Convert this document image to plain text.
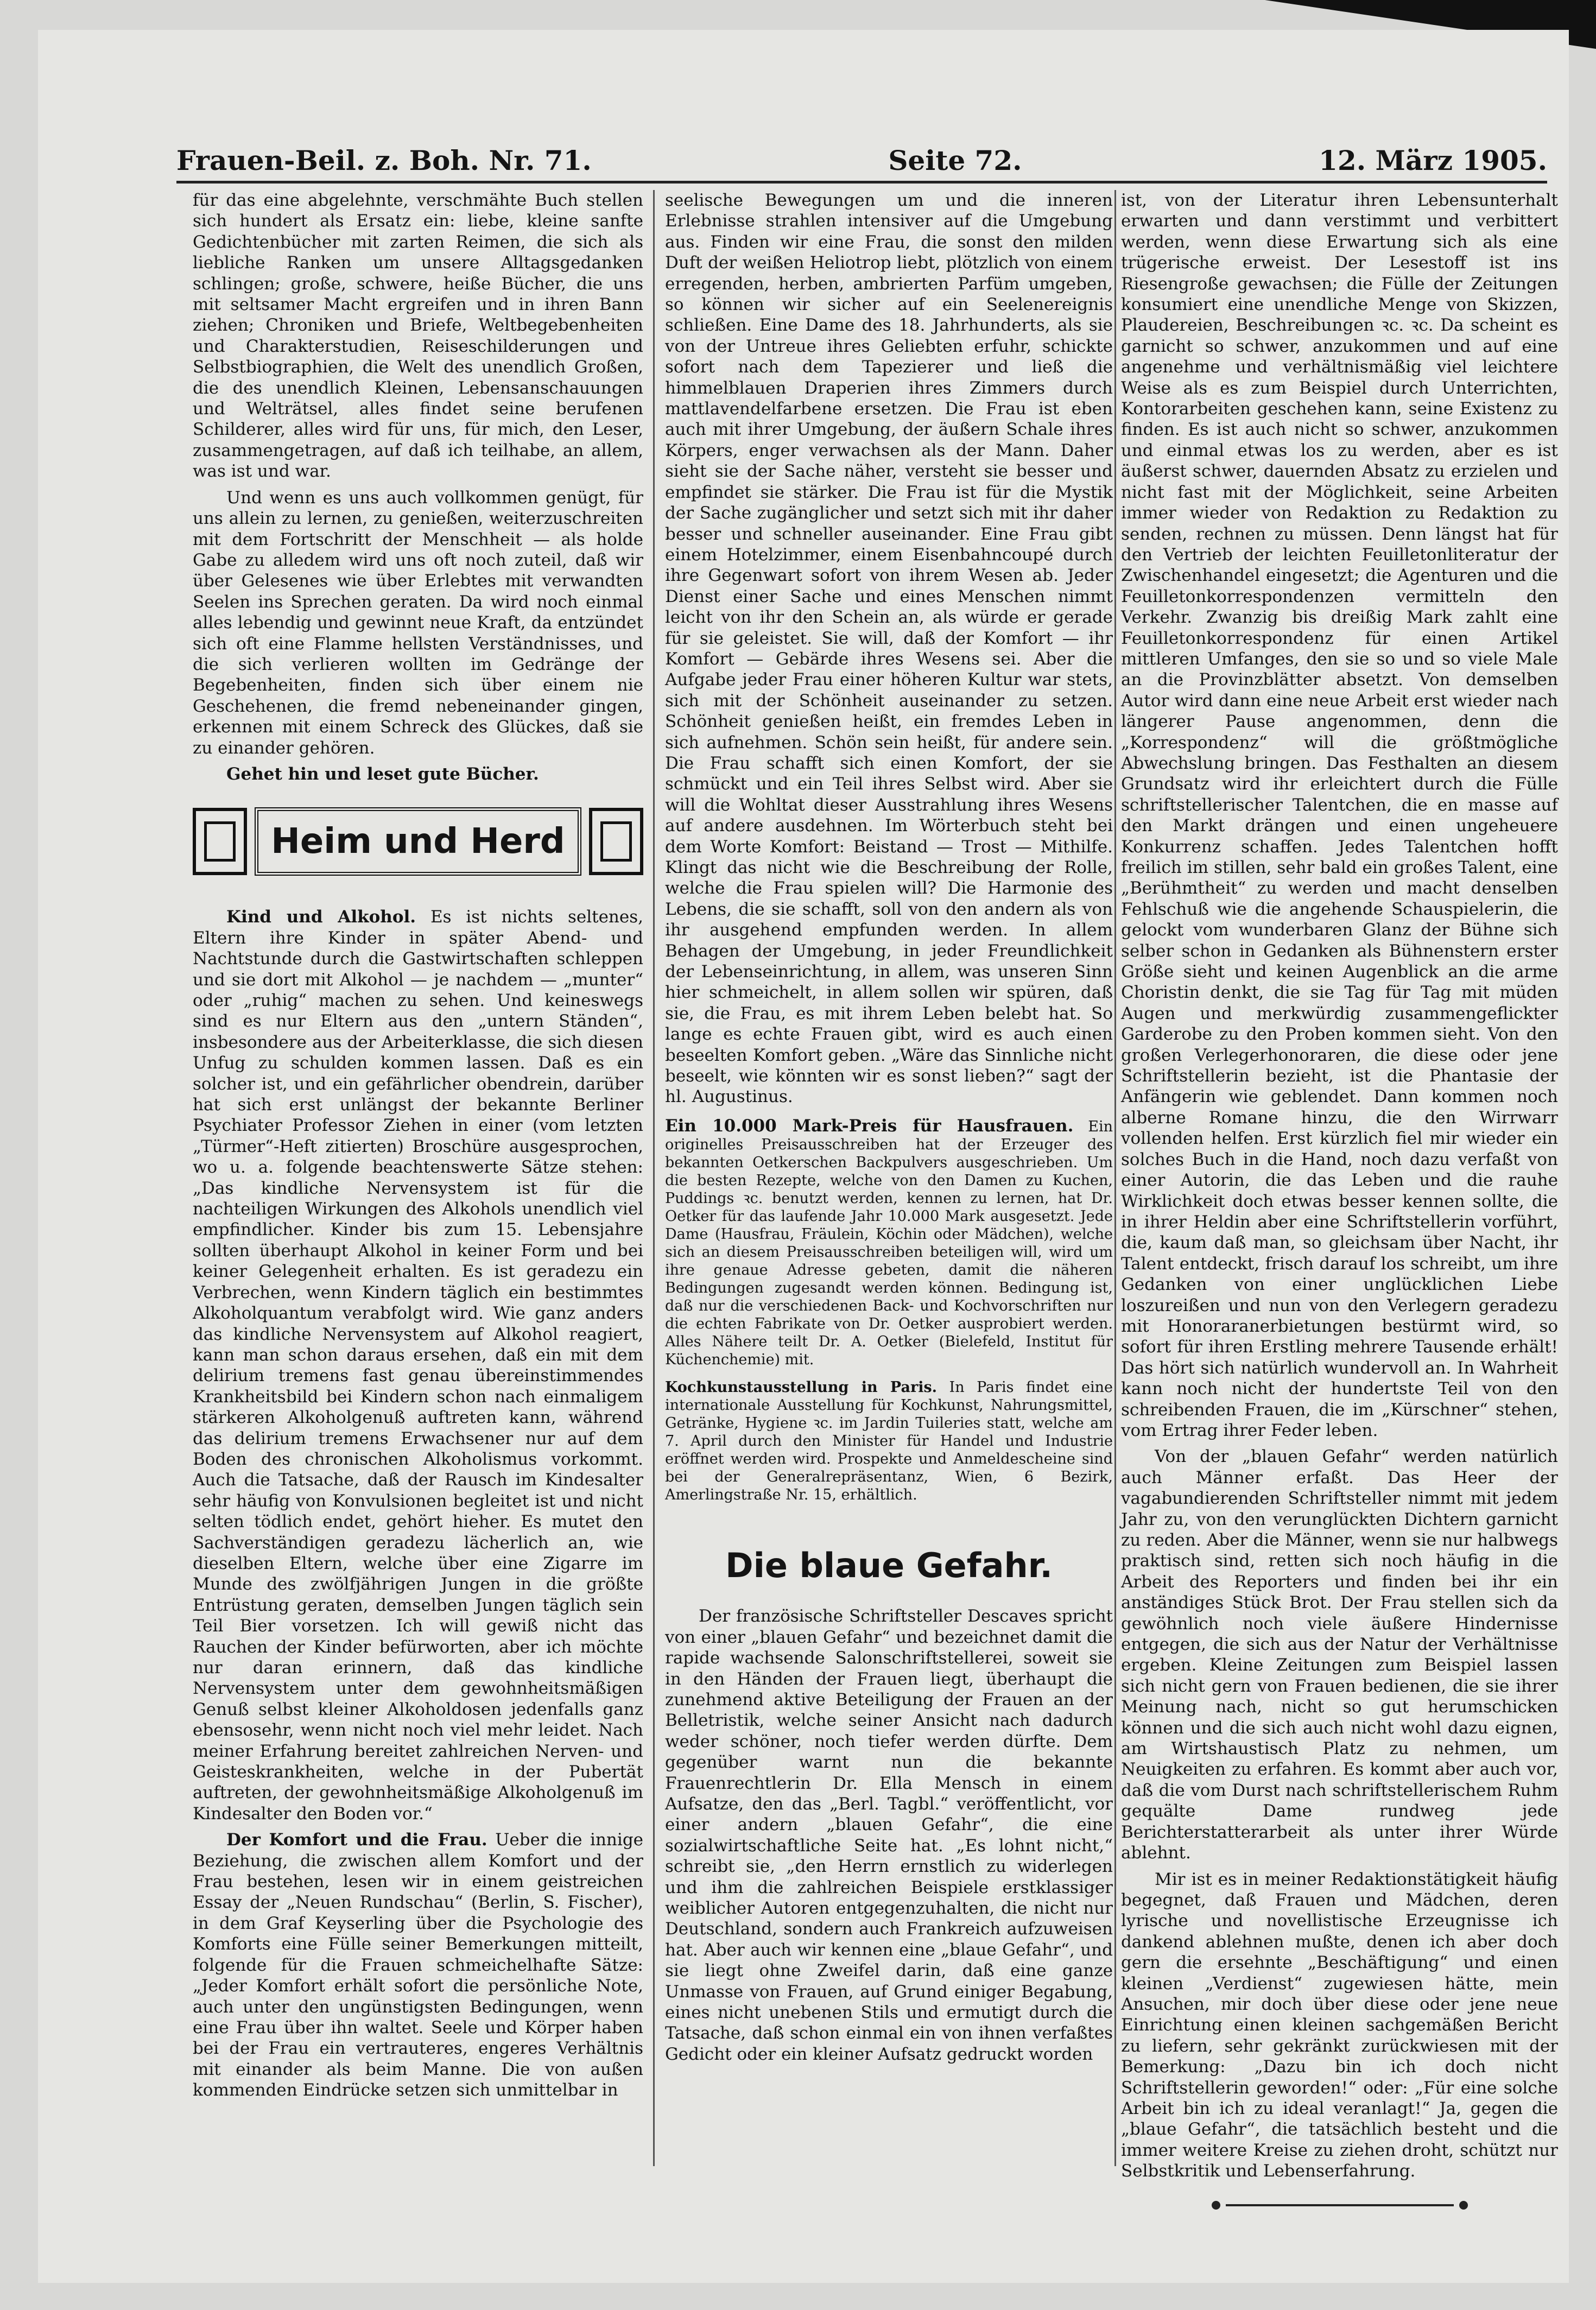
Frauen-Beil. z. Boh. Nr. 71.	Seite 72.	12. März 1905.

für das eine abgelehnte, verschmähte Buch stellen sich hundert als Ersatz ein: liebe, kleine sanfte Gedichtenbücher mit zarten Reimen, die sich als liebliche Ranken um unsere Alltagsgedanken schlingen; große, schwere, heiße Bücher, die uns mit seltsamer Macht ergreifen und in ihren Bann ziehen; Chroniken und Briefe, Weltbegebenheiten und Charakterstudien, Reiseschilderungen und Selbstbiographien, die Welt des unendlich Großen, die des unendlich Kleinen, Lebensanschauungen und Welträtsel, alles findet seine berufenen Schilderer, alles wird für uns, für mich, den Leser, zusammengetragen, auf daß ich teilhabe, an allem, was ist und war.

Und wenn es uns auch vollkommen genügt, für uns allein zu lernen, zu genießen, weiterzuschreiten mit dem Fortschritt der Menschheit — als holde Gabe zu alledem wird uns oft noch zuteil, daß wir über Gelesenes wie über Erlebtes mit verwandten Seelen ins Sprechen geraten. Da wird noch einmal alles lebendig und gewinnt neue Kraft, da entzündet sich oft eine Flamme hellsten Verständnisses, und die sich verlieren wollten im Gedränge der Begebenheiten, finden sich über einem nie Geschehenen, die fremd nebeneinander gingen, erkennen mit einem Schreck des Glückes, daß sie zu einander gehören.

Gehet hin und leset gute Bücher.

Heim und Herd

Kind und Alkohol. Es ist nichts seltenes, Eltern ihre Kinder in später Abend- und Nachtstunde durch die Gastwirtschaften schleppen und sie dort mit Alkohol — je nachdem — „munter“ oder „ruhig“ machen zu sehen. Und keineswegs sind es nur Eltern aus den „untern Ständen“, insbesondere aus der Arbeiterklasse, die sich diesen Unfug zu schulden kommen lassen. Daß es ein solcher ist, und ein gefährlicher obendrein, darüber hat sich erst unlängst der bekannte Berliner Psychiater Professor Ziehen in einer (vom letzten „Türmer“-Heft zitierten) Broschüre ausgesprochen, wo u. a. folgende beachtenswerte Sätze stehen: „Das kindliche Nervensystem ist für die nachteiligen Wirkungen des Alkohols unendlich viel empfindlicher. Kinder bis zum 15. Lebensjahre sollten überhaupt Alkohol in keiner Form und bei keiner Gelegenheit erhalten. Es ist geradezu ein Verbrechen, wenn Kindern täglich ein bestimmtes Alkoholquantum verabfolgt wird. Wie ganz anders das kindliche Nervensystem auf Alkohol reagiert, kann man schon daraus ersehen, daß ein mit dem delirium tremens fast genau übereinstimmendes Krankheitsbild bei Kindern schon nach einmaligem stärkeren Alkoholgenuß auftreten kann, während das delirium tremens Erwachsener nur auf dem Boden des chronischen Alkoholismus vorkommt. Auch die Tatsache, daß der Rausch im Kindesalter sehr häufig von Konvulsionen begleitet ist und nicht selten tödlich endet, gehört hieher. Es mutet den Sachverständigen geradezu lächerlich an, wie dieselben Eltern, welche über eine Zigarre im Munde des zwölfjährigen Jungen in die größte Entrüstung geraten, demselben Jungen täglich sein Teil Bier vorsetzen. Ich will gewiß nicht das Rauchen der Kinder befürworten, aber ich möchte nur daran erinnern, daß das kindliche Nervensystem unter dem gewohnheitsmäßigen Genuß selbst kleiner Alkoholdosen jedenfalls ganz ebensosehr, wenn nicht noch viel mehr leidet. Nach meiner Erfahrung bereitet zahlreichen Nerven- und Geisteskrankheiten, welche in der Pubertät auftreten, der gewohnheitsmäßige Alkoholgenuß im Kindesalter den Boden vor.“

Der Komfort und die Frau. Ueber die innige Beziehung, die zwischen allem Komfort und der Frau bestehen, lesen wir in einem geistreichen Essay der „Neuen Rundschau“ (Berlin, S. Fischer), in dem Graf Keyserling über die Psychologie des Komforts eine Fülle seiner Bemerkungen mitteilt, folgende für die Frauen schmeichelhafte Sätze: „Jeder Komfort erhält sofort die persönliche Note, auch unter den ungünstigsten Bedingungen, wenn eine Frau über ihn waltet. Seele und Körper haben bei der Frau ein vertrauteres, engeres Verhältnis mit einander als beim Manne. Die von außen kommenden Eindrücke setzen sich unmittelbar in

seelische Bewegungen um und die inneren Erlebnisse strahlen intensiver auf die Umgebung aus. Finden wir eine Frau, die sonst den milden Duft der weißen Heliotrop liebt, plötzlich von einem erregenden, herben, ambrierten Parfüm umgeben, so können wir sicher auf ein Seelenereignis schließen. Eine Dame des 18. Jahrhunderts, als sie von der Untreue ihres Geliebten erfuhr, schickte sofort nach dem Tapezierer und ließ die himmelblauen Draperien ihres Zimmers durch mattlavendelfarbene ersetzen. Die Frau ist eben auch mit ihrer Umgebung, der äußern Schale ihres Körpers, enger verwachsen als der Mann. Daher sieht sie der Sache näher, versteht sie besser und empfindet sie stärker. Die Frau ist für die Mystik der Sache zugänglicher und setzt sich mit ihr daher besser und schneller auseinander. Eine Frau gibt einem Hotelzimmer, einem Eisenbahncoupé durch ihre Gegenwart sofort von ihrem Wesen ab. Jeder Dienst einer Sache und eines Menschen nimmt leicht von ihr den Schein an, als würde er gerade für sie geleistet. Sie will, daß der Komfort — ihr Komfort — Gebärde ihres Wesens sei. Aber die Aufgabe jeder Frau einer höheren Kultur war stets, sich mit der Schönheit auseinander zu setzen. Schönheit genießen heißt, ein fremdes Leben in sich aufnehmen. Schön sein heißt, für andere sein. Die Frau schafft sich einen Komfort, der sie schmückt und ein Teil ihres Selbst wird. Aber sie will die Wohltat dieser Ausstrahlung ihres Wesens auf andere ausdehnen. Im Wörterbuch steht bei dem Worte Komfort: Beistand — Trost — Mithilfe. Klingt das nicht wie die Beschreibung der Rolle, welche die Frau spielen will? Die Harmonie des Lebens, die sie schafft, soll von den andern als von ihr ausgehend empfunden werden. In allem Behagen der Umgebung, in jeder Freundlichkeit der Lebenseinrichtung, in allem, was unseren Sinn hier schmeichelt, in allem sollen wir spüren, daß sie, die Frau, es mit ihrem Leben belebt hat. So lange es echte Frauen gibt, wird es auch einen beseelten Komfort geben. „Wäre das Sinnliche nicht beseelt, wie könnten wir es sonst lieben?“ sagt der hl. Augustinus.

Ein 10.000 Mark-Preis für Hausfrauen. Ein originelles Preisausschreiben hat der Erzeuger des bekannten Oetkerschen Backpulvers ausgeschrieben. Um die besten Rezepte, welche von den Damen zu Kuchen, Puddings ꝛc. benutzt werden, kennen zu lernen, hat Dr. Oetker für das laufende Jahr 10.000 Mark ausgesetzt. Jede Dame (Hausfrau, Fräulein, Köchin oder Mädchen), welche sich an diesem Preisausschreiben beteiligen will, wird um ihre genaue Adresse gebeten, damit die näheren Bedingungen zugesandt werden können. Bedingung ist, daß nur die verschiedenen Back- und Kochvorschriften nur die echten Fabrikate von Dr. Oetker ausprobiert werden. Alles Nähere teilt Dr. A. Oetker (Bielefeld, Institut für Küchenchemie) mit.

Kochkunstausstellung in Paris. In Paris findet eine internationale Ausstellung für Kochkunst, Nahrungsmittel, Getränke, Hygiene ꝛc. im Jardin Tuileries statt, welche am 7. April durch den Minister für Handel und Industrie eröffnet werden wird. Prospekte und Anmeldescheine sind bei der Generalrepräsentanz, Wien, 6 Bezirk, Amerlingstraße Nr. 15, erhältlich.

Die blaue Gefahr.

Der französische Schriftsteller Descaves spricht von einer „blauen Gefahr“ und bezeichnet damit die rapide wachsende Salonschriftstellerei, soweit sie in den Händen der Frauen liegt, überhaupt die zunehmend aktive Beteiligung der Frauen an der Belletristik, welche seiner Ansicht nach dadurch weder schöner, noch tiefer werden dürfte. Dem gegenüber warnt nun die bekannte Frauenrechtlerin Dr. Ella Mensch in einem Aufsatze, den das „Berl. Tagbl.“ veröffentlicht, vor einer andern „blauen Gefahr“, die eine sozialwirtschaftliche Seite hat. „Es lohnt nicht,“ schreibt sie, „den Herrn ernstlich zu widerlegen und ihm die zahlreichen Beispiele erstklassiger weiblicher Autoren entgegenzuhalten, die nicht nur Deutschland, sondern auch Frankreich aufzuweisen hat. Aber auch wir kennen eine „blaue Gefahr“, und sie liegt ohne Zweifel darin, daß eine ganze Unmasse von Frauen, auf Grund einiger Begabung, eines nicht unebenen Stils und ermutigt durch die Tatsache, daß schon einmal ein von ihnen verfaßtes Gedicht oder ein kleiner Aufsatz gedruckt worden

ist, von der Literatur ihren Lebensunterhalt erwarten und dann verstimmt und verbittert werden, wenn diese Erwartung sich als eine trügerische erweist. Der Lesestoff ist ins Riesengroße gewachsen; die Fülle der Zeitungen konsumiert eine unendliche Menge von Skizzen, Plaudereien, Beschreibungen ꝛc. ꝛc. Da scheint es garnicht so schwer, anzukommen und auf eine angenehme und verhältnismäßig viel leichtere Weise als es zum Beispiel durch Unterrichten, Kontorarbeiten geschehen kann, seine Existenz zu finden. Es ist auch nicht so schwer, anzukommen und einmal etwas los zu werden, aber es ist äußerst schwer, dauernden Absatz zu erzielen und nicht fast mit der Möglichkeit, seine Arbeiten immer wieder von Redaktion zu Redaktion zu senden, rechnen zu müssen. Denn längst hat für den Vertrieb der leichten Feuilletonliteratur der Zwischenhandel eingesetzt; die Agenturen und die Feuilletonkorrespondenzen vermitteln den Verkehr. Zwanzig bis dreißig Mark zahlt eine Feuilletonkorrespondenz für einen Artikel mittleren Umfanges, den sie so und so viele Male an die Provinzblätter absetzt. Von demselben Autor wird dann eine neue Arbeit erst wieder nach längerer Pause angenommen, denn die „Korrespondenz“ will die größtmögliche Abwechslung bringen. Das Festhalten an diesem Grundsatz wird ihr erleichtert durch die Fülle schriftstellerischer Talentchen, die en masse auf den Markt drängen und einen ungeheuere Konkurrenz schaffen. Jedes Talentchen hofft freilich im stillen, sehr bald ein großes Talent, eine „Berühmtheit“ zu werden und macht denselben Fehlschuß wie die angehende Schauspielerin, die gelockt vom wunderbaren Glanz der Bühne sich selber schon in Gedanken als Bühnenstern erster Größe sieht und keinen Augenblick an die arme Choristin denkt, die sie Tag für Tag mit müden Augen und merkwürdig zusammengeflickter Garderobe zu den Proben kommen sieht. Von den großen Verlegerhonoraren, die diese oder jene Schriftstellerin bezieht, ist die Phantasie der Anfängerin wie geblendet. Dann kommen noch alberne Romane hinzu, die den Wirrwarr vollenden helfen. Erst kürzlich fiel mir wieder ein solches Buch in die Hand, noch dazu verfaßt von einer Autorin, die das Leben und die rauhe Wirklichkeit doch etwas besser kennen sollte, die in ihrer Heldin aber eine Schriftstellerin vorführt, die, kaum daß man, so gleichsam über Nacht, ihr Talent entdeckt, frisch darauf los schreibt, um ihre Gedanken von einer unglücklichen Liebe loszureißen und nun von den Verlegern geradezu mit Honoraranerbietungen bestürmt wird, so sofort für ihren Erstling mehrere Tausende erhält! Das hört sich natürlich wundervoll an. In Wahrheit kann noch nicht der hundertste Teil von den schreibenden Frauen, die im „Kürschner“ stehen, vom Ertrag ihrer Feder leben.

Von der „blauen Gefahr“ werden natürlich auch Männer erfaßt. Das Heer der vagabundierenden Schriftsteller nimmt mit jedem Jahr zu, von den verunglückten Dichtern garnicht zu reden. Aber die Männer, wenn sie nur halbwegs praktisch sind, retten sich noch häufig in die Arbeit des Reporters und finden bei ihr ein anständiges Stück Brot. Der Frau stellen sich da gewöhnlich noch viele äußere Hindernisse entgegen, die sich aus der Natur der Verhältnisse ergeben. Kleine Zeitungen zum Beispiel lassen sich nicht gern von Frauen bedienen, die sie ihrer Meinung nach, nicht so gut herumschicken können und die sich auch nicht wohl dazu eignen, am Wirtshaustisch Platz zu nehmen, um Neuigkeiten zu erfahren. Es kommt aber auch vor, daß die vom Durst nach schriftstellerischem Ruhm gequälte Dame rundweg jede Berichterstatterarbeit als unter ihrer Würde ablehnt.

Mir ist es in meiner Redaktionstätigkeit häufig begegnet, daß Frauen und Mädchen, deren lyrische und novellistische Erzeugnisse ich dankend ablehnen mußte, denen ich aber doch gern die ersehnte „Beschäftigung“ und einen kleinen „Verdienst“ zugewiesen hätte, mein Ansuchen, mir doch über diese oder jene neue Einrichtung einen kleinen sachgemäßen Bericht zu liefern, sehr gekränkt zurückwiesen mit der Bemerkung: „Dazu bin ich doch nicht Schriftstellerin geworden!“ oder: „Für eine solche Arbeit bin ich zu ideal veranlagt!“ Ja, gegen die „blaue Gefahr“, die tatsächlich besteht und die immer weitere Kreise zu ziehen droht, schützt nur Selbstkritik und Lebenserfahrung.
